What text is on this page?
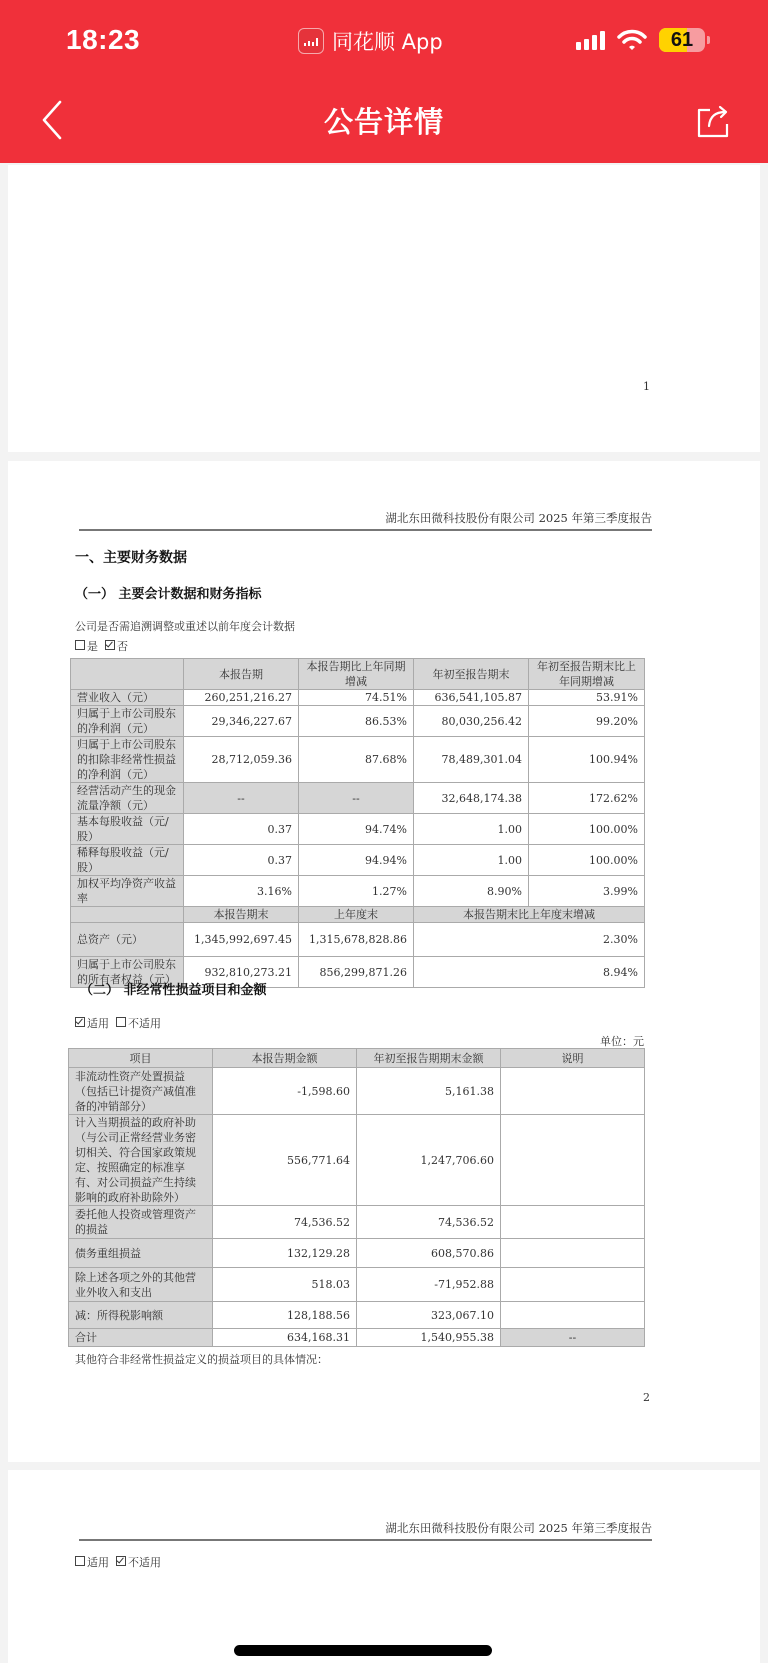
18:23	同花顺 App	61
公告详情
1
湖北东田微科技股份有限公司 2025 年第三季度报告
一、主要财务数据
（一） 主要会计数据和财务指标
公司是否需追溯调整或重述以前年度会计数据
是 否
	本报告期	本报告期比上年同期增减	年初至报告期末	年初至报告期末比上年同期增减
营业收入（元）	260,251,216.27	74.51%	636,541,105.87	53.91%
归属于上市公司股东的净利润（元）	29,346,227.67	86.53%	80,030,256.42	99.20%
归属于上市公司股东的扣除非经常性损益的净利润（元）	28,712,059.36	87.68%	78,489,301.04	100.94%
经营活动产生的现金流量净额（元）	--	--	32,648,174.38	172.62%
基本每股收益（元/股）	0.37	94.74%	1.00	100.00%
稀释每股收益（元/股）	0.37	94.94%	1.00	100.00%
加权平均净资产收益率	3.16%	1.27%	8.90%	3.99%
	本报告期末	上年度末	本报告期末比上年度末增减	
总资产（元）	1,345,992,697.45	1,315,678,828.86	2.30%	
归属于上市公司股东的所有者权益（元）	932,810,273.21	856,299,871.26	8.94%	
（二） 非经常性损益项目和金额
适用 不适用
单位：元
项目	本报告期金额	年初至报告期期末金额	说明
非流动性资产处置损益（包括已计提资产减值准备的冲销部分）	-1,598.60	5,161.38	
计入当期损益的政府补助（与公司正常经营业务密切相关、符合国家政策规定、按照确定的标准享有、对公司损益产生持续影响的政府补助除外）	556,771.64	1,247,706.60	
委托他人投资或管理资产的损益	74,536.52	74,536.52	
债务重组损益	132,129.28	608,570.86	
除上述各项之外的其他营业外收入和支出	518.03	-71,952.88	
减：所得税影响额	128,188.56	323,067.10	
合计	634,168.31	1,540,955.38	--
其他符合非经常性损益定义的损益项目的具体情况：
2
湖北东田微科技股份有限公司 2025 年第三季度报告
适用 不适用
